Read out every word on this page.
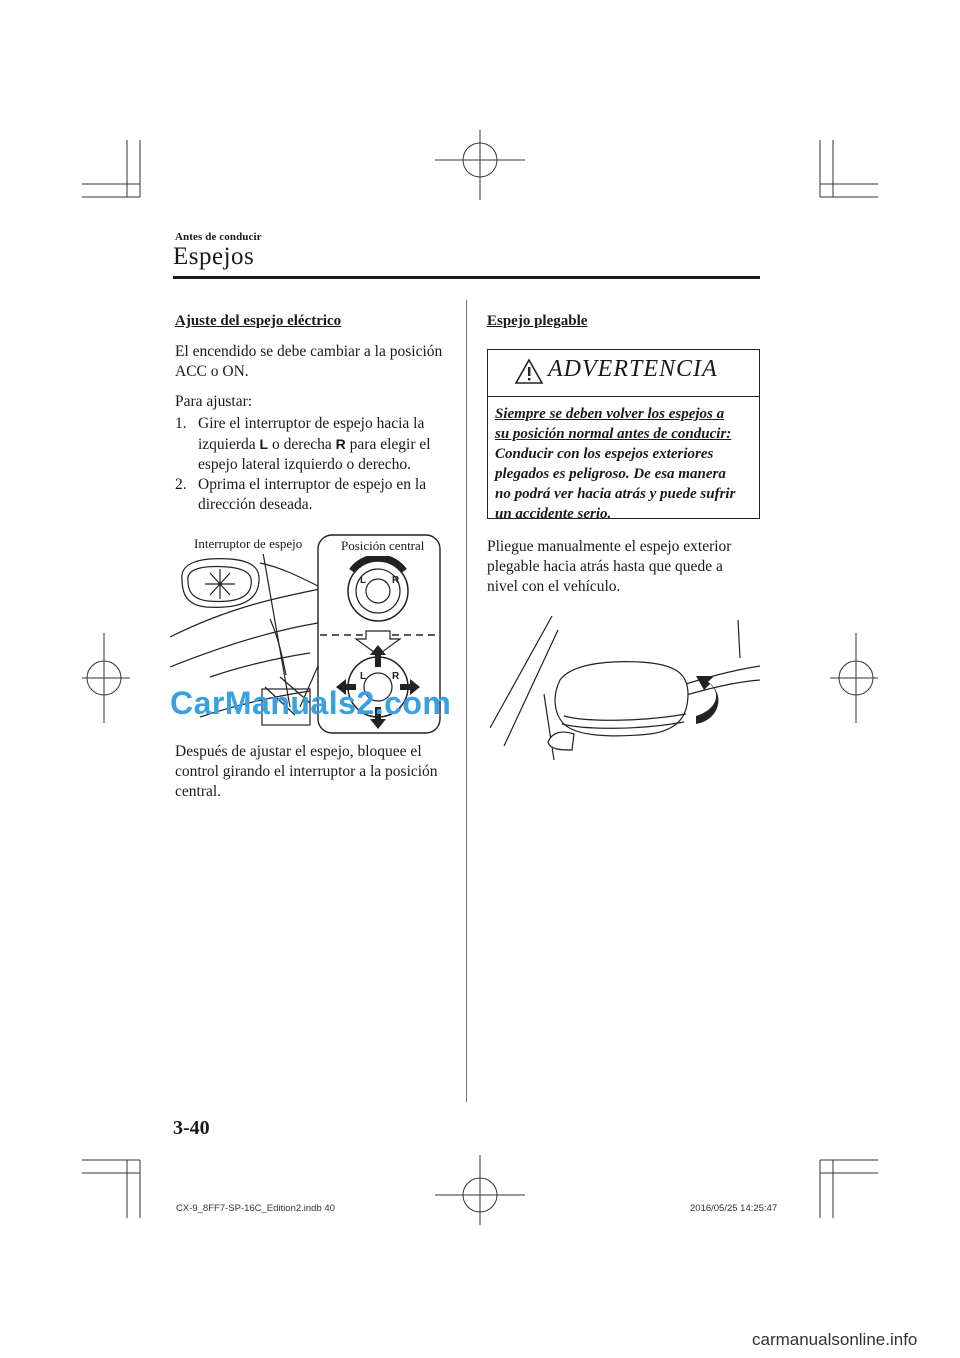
Antes de conducir
Espejos
Ajuste del espejo eléctrico
El encendido se debe cambiar a la posición
ACC o ON.
Para ajustar:
1. Gire el interruptor de espejo hacia la
izquierda L o derecha R para elegir el
espejo lateral izquierdo o derecho.
2. Oprima el interruptor de espejo en la
dirección deseada.
L	R
L	R
Interruptor de espejo	Posición central
CarManuals2.com
Después de ajustar el espejo, bloquee el
control girando el interruptor a la posición
central.
Espejo plegable
ADVERTENCIA
Siempre se deben volver los espejos a
su posición normal antes de conducir:
Conducir con los espejos exteriores
plegados es peligroso. De esa manera
no podrá ver hacia atrás y puede sufrir
un accidente serio.
Pliegue manualmente el espejo exterior
plegable hacia atrás hasta que quede a
nivel con el vehículo.
3-40
CX-9_8FF7-SP-16C_Edition2.indb 40	2016/05/25 14:25:47
carmanualsonline.info
